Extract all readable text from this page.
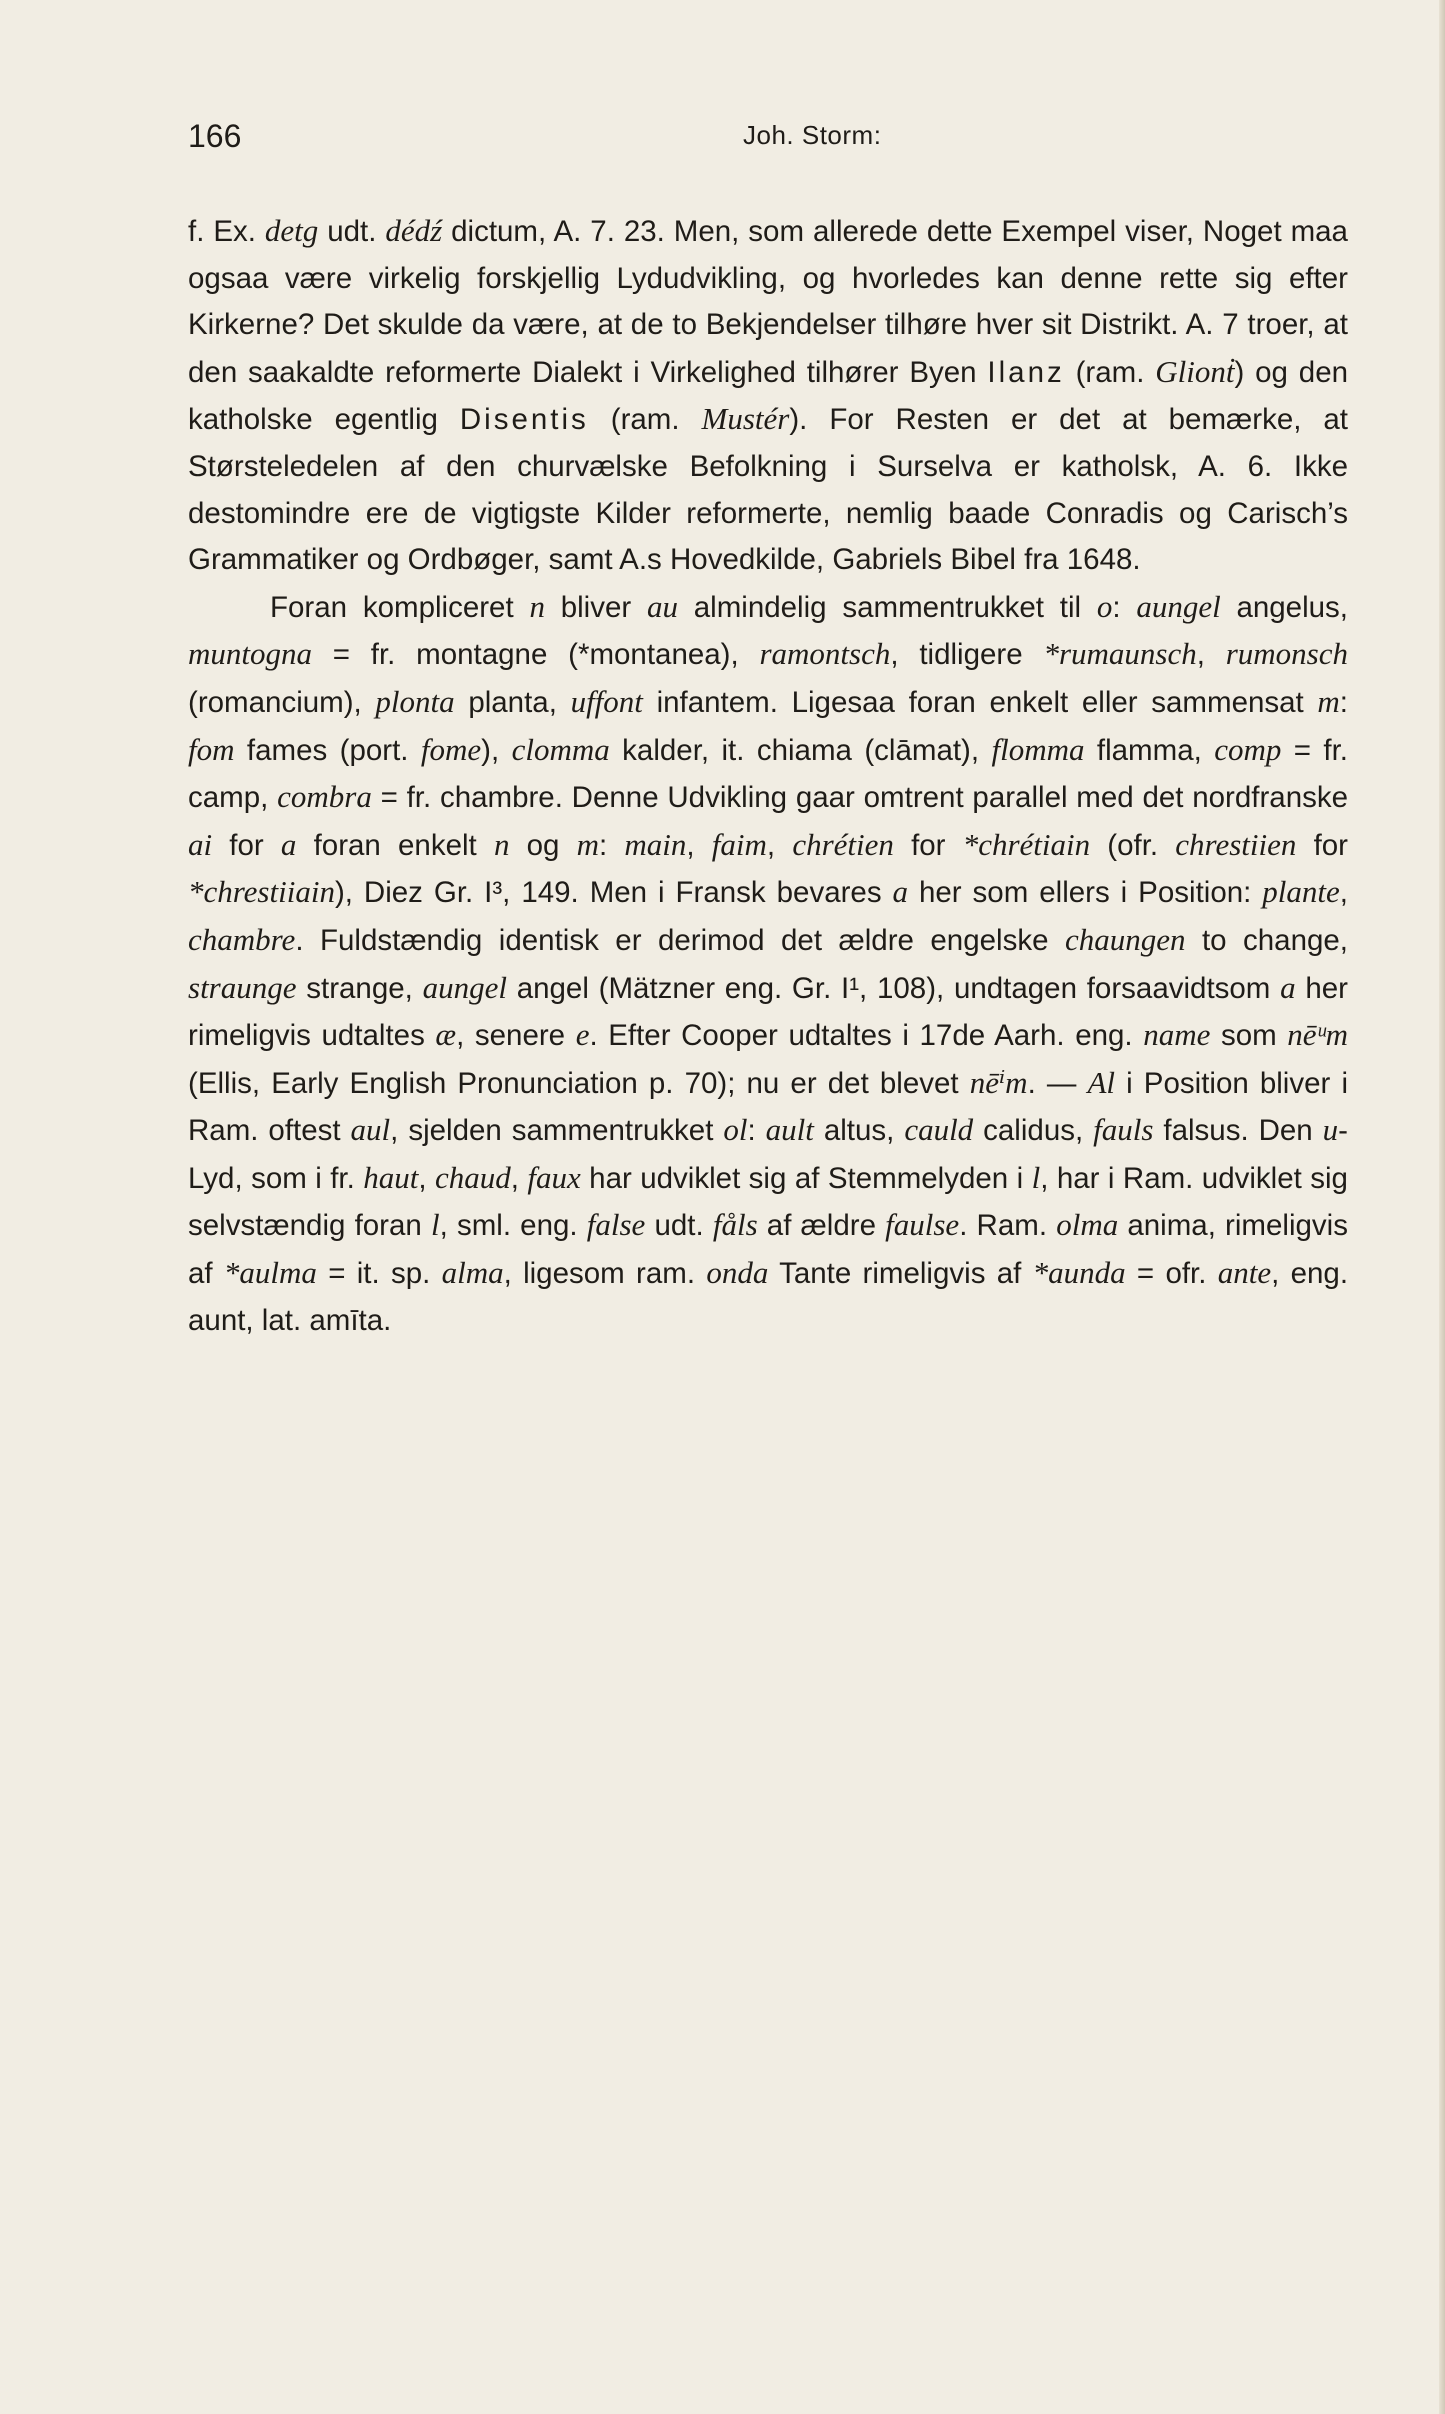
166	Joh. Storm:

f. Ex. detg udt. dédź dictum, A. 7. 23. Men, som allerede dette Exempel viser, Noget maa ogsaa være virkelig forskjellig Lydudvikling, og hvorledes kan denne rette sig efter Kirkerne? Det skulde da være, at de to Bekjendelser tilhøre hver sit Distrikt. A. 7 troer, at den saakaldte reformerte Dialekt i Virkelighed tilhører Byen Ilanz (ram. Glionṫ) og den katholske egentlig Disentis (ram. Mustér). For Resten er det at bemærke, at Størsteledelen af den churvælske Befolkning i Surselva er katholsk, A. 6. Ikke destomindre ere de vigtigste Kilder reformerte, nemlig baade Conradis og Carisch’s Grammatiker og Ordbøger, samt A.s Hovedkilde, Gabriels Bibel fra 1648.

Foran kompliceret n bliver au almindelig sammentrukket til o: aungel angelus, muntogna = fr. montagne (*montanea), ramontsch, tidligere *rumaunsch, rumonsch (romancium), plonta planta, uffont infantem. Ligesaa foran enkelt eller sammensat m: fom fames (port. fome), clomma kalder, it. chiama (clāmat), flomma flamma, comp = fr. camp, combra = fr. chambre. Denne Udvikling gaar omtrent parallel med det nordfranske ai for a foran enkelt n og m: main, faim, chrétien for *chrétiain (ofr. chrestiien for *chrestiiain), Diez Gr. I³, 149. Men i Fransk bevares a her som ellers i Position: plante, chambre. Fuldstændig identisk er derimod det ældre engelske chaungen to change, straunge strange, aungel angel (Mätzner eng. Gr. I¹, 108), undtagen forsaavidtsom a her rimeligvis udtaltes æ, senere e. Efter Cooper udtaltes i 17de Aarh. eng. name som nēᵘm (Ellis, Early English Pronunciation p. 70); nu er det blevet nēⁱm. — Al i Position bliver i Ram. oftest aul, sjelden sammentrukket ol: ault altus, cauld calidus, fauls falsus. Den u-Lyd, som i fr. haut, chaud, faux har udviklet sig af Stemmelyden i l, har i Ram. udviklet sig selvstændig foran l, sml. eng. false udt. fåls af ældre faulse. Ram. olma anima, rimeligvis af *aulma = it. sp. alma, ligesom ram. onda Tante rimeligvis af *aunda = ofr. ante, eng. aunt, lat. amīta.
